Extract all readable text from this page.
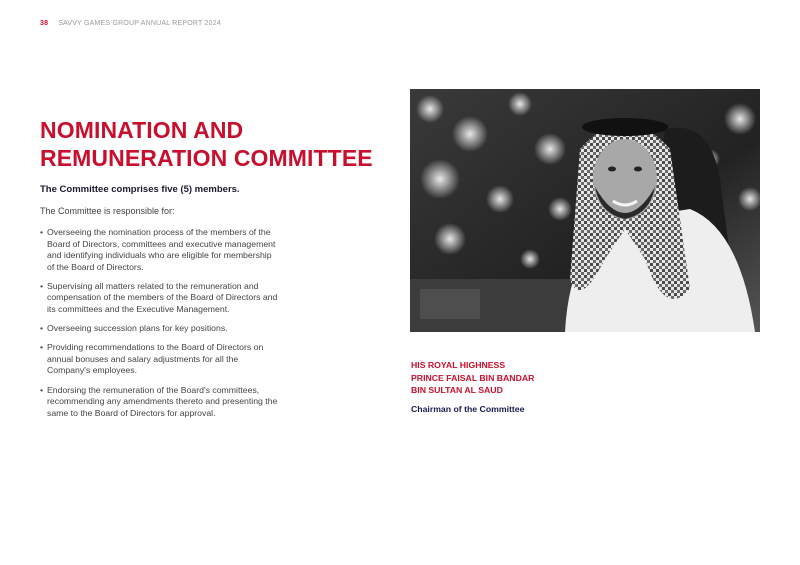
38 SAVVY GAMES GROUP ANNUAL REPORT 2024
NOMINATION AND
REMUNERATION COMMITTEE

The Committee comprises five (5) members.

The Committee is responsible for:

• Overseeing the nomination process of the members of the Board of Directors, committees and executive management and identifying individuals who are eligible for membership of the Board of Directors.
• Supervising all matters related to the remuneration and compensation of the members of the Board of Directors and its committees and the Executive Management.
• Overseeing succession plans for key positions.
• Providing recommendations to the Board of Directors on annual bonuses and salary adjustments for all the Company's employees.
• Endorsing the remuneration of the Board's committees, recommending any amendments thereto and presenting the same to the Board of Directors for approval.

HIS ROYAL HIGHNESS
PRINCE FAISAL BIN BANDAR
BIN SULTAN AL SAUD

Chairman of the Committee
